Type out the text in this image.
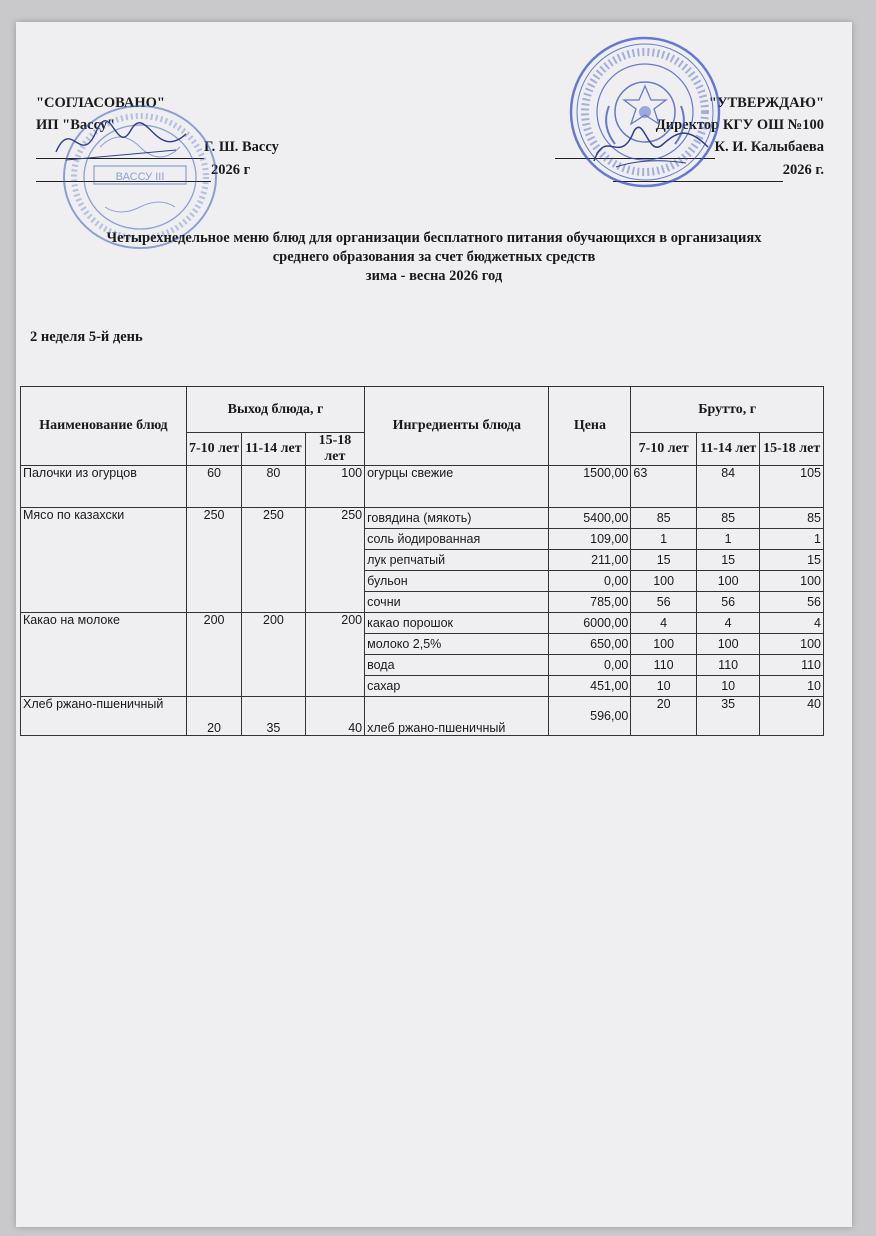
"СОГЛАСОВАНО"
ИП "Вассу"
Г. Ш. Вассу
2026 г
"УТВЕРЖДАЮ"
Директор КГУ ОШ №100
К. И. Калыбаева
2026 г.
ВАССУ III
Четырехнедельное меню блюд для организации бесплатного питания обучающихся в организациях
среднего образования за счет бюджетных средств
зима - весна 2026 год
2 неделя 5-й день
Наименование блюд	Выход блюда, г			Ингредиенты блюда	Цена	Брутто, г		
	7-10 лет	11-14 лет	15-18 лет			7-10 лет	11-14 лет	15-18 лет
Палочки из огурцов	60	80	100	огурцы свежие	1500,00	63	84	105
Мясо по казахски	250	250	250	говядина (мякоть)	5400,00	85	85	85
				соль йодированная	109,00	1	1	1
				лук репчатый	211,00	15	15	15
				бульон	0,00	100	100	100
				сочни	785,00	56	56	56
Какао на молоке	200	200	200	какао порошок	6000,00	4	4	4
				молоко 2,5%	650,00	100	100	100
				вода	0,00	110	110	110
				сахар	451,00	10	10	10
Хлеб ржано-пшеничный	20	35	40	хлеб ржано-пшеничный	596,00	20	35	40
